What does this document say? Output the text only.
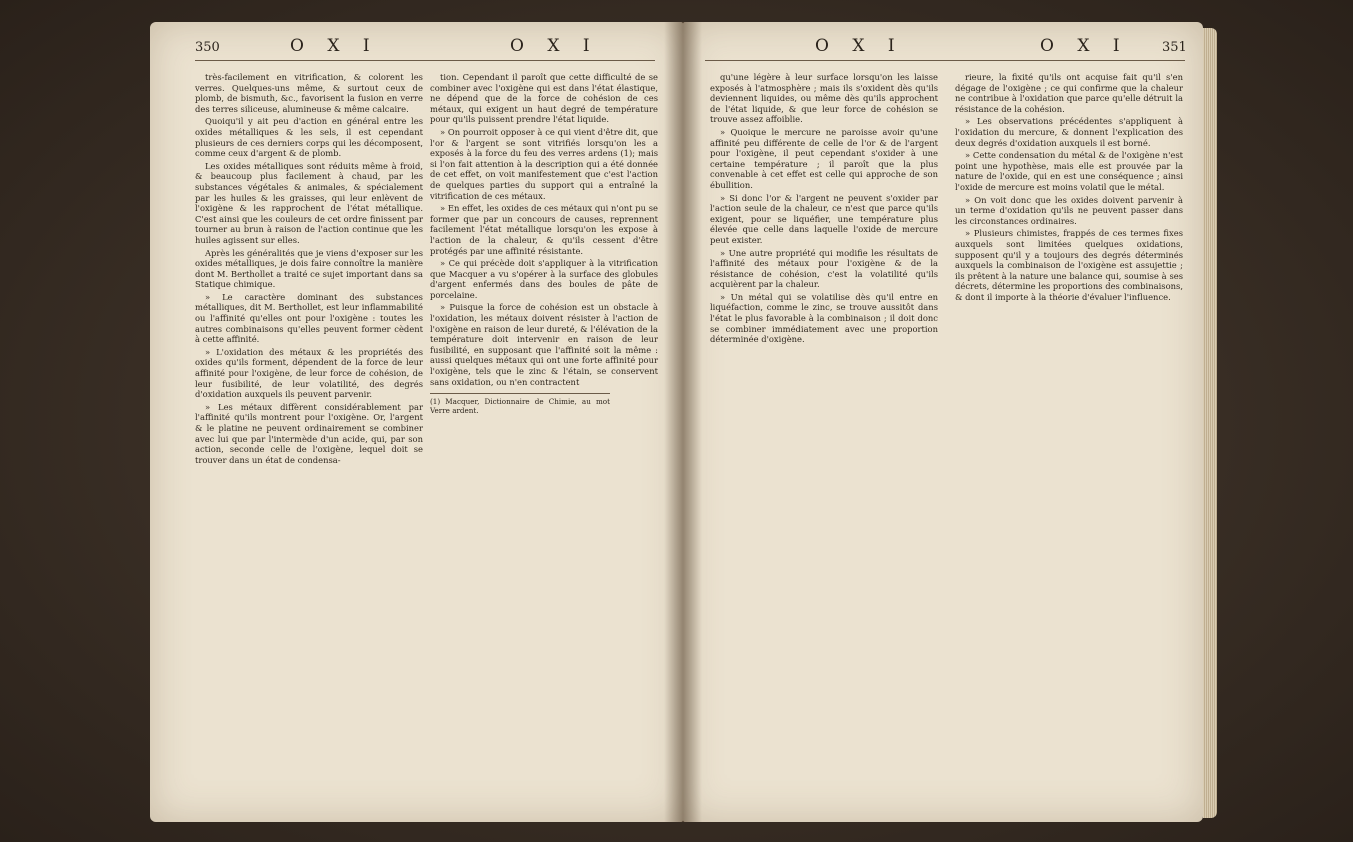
350	O X I	O X I	O X I	O X I	351

très-facilement en vitrification, & colorent les verres. Quelques-uns même, & surtout ceux de plomb, de bismuth, &c., favorisent la fusion en verre des terres siliceuse, alumineuse & même calcaire.

Quoiqu'il y ait peu d'action en général entre les oxides métalliques & les sels, il est cependant plusieurs de ces derniers corps qui les décomposent, comme ceux d'argent & de plomb.

Les oxides métalliques sont réduits même à froid, & beaucoup plus facilement à chaud, par les substances végétales & animales, & spécialement par les huiles & les graisses, qui leur enlèvent de l'oxigène & les rapprochent de l'état métallique. C'est ainsi que les couleurs de cet ordre finissent par tourner au brun à raison de l'action continue que les huiles agissent sur elles.

Après les généralités que je viens d'exposer sur les oxides métalliques, je dois faire connoître la manière dont M. Berthollet a traité ce sujet important dans sa Statique chimique.

» Le caractère dominant des substances métalliques, dit M. Berthollet, est leur inflammabilité ou l'affinité qu'elles ont pour l'oxigène : toutes les autres combinaisons qu'elles peuvent former cèdent à cette affinité.

» L'oxidation des métaux & les propriétés des oxides qu'ils forment, dépendent de la force de leur affinité pour l'oxigène, de leur force de cohésion, de leur fusibilité, de leur volatilité, des degrés d'oxidation auxquels ils peuvent parvenir.

» Les métaux diffèrent considérablement par l'affinité qu'ils montrent pour l'oxigène. Or, l'argent & le platine ne peuvent ordinairement se combiner avec lui que par l'intermède d'un acide, qui, par son action, seconde celle de l'oxigène, lequel doit se trouver dans un état de condensa-

tion. Cependant il paroît que cette difficulté de se combiner avec l'oxigène qui est dans l'état élastique, ne dépend que de la force de cohésion de ces métaux, qui exigent un haut degré de température pour qu'ils puissent prendre l'état liquide.

» On pourroit opposer à ce qui vient d'être dit, que l'or & l'argent se sont vitrifiés lorsqu'on les a exposés à la force du feu des verres ardens (1); mais si l'on fait attention à la description qui a été donnée de cet effet, on voit manifestement que c'est l'action de quelques parties du support qui a entraîné la vitrification de ces métaux.

» En effet, les oxides de ces métaux qui n'ont pu se former que par un concours de causes, reprennent facilement l'état métallique lorsqu'on les expose à l'action de la chaleur, & qu'ils cessent d'être protégés par une affinité résistante.

» Ce qui précède doit s'appliquer à la vitrification que Macquer a vu s'opérer à la surface des globules d'argent enfermés dans des boules de pâte de porcelaine.

» Puisque la force de cohésion est un obstacle à l'oxidation, les métaux doivent résister à l'action de l'oxigène en raison de leur dureté, & l'élévation de la température doit intervenir en raison de leur fusibilité, en supposant que l'affinité soit la même : aussi quelques métaux qui ont une forte affinité pour l'oxigène, tels que le zinc & l'étain, se conservent sans oxidation, ou n'en contractent

(1) Macquer, Dictionnaire de Chimie, au mot Verre ardent.

qu'une légère à leur surface lorsqu'on les laisse exposés à l'atmosphère ; mais ils s'oxident dès qu'ils deviennent liquides, ou même dès qu'ils approchent de l'état liquide, & que leur force de cohésion se trouve assez affoiblie.

» Quoique le mercure ne paroisse avoir qu'une affinité peu différente de celle de l'or & de l'argent pour l'oxigène, il peut cependant s'oxider à une certaine température ; il paroît que la plus convenable à cet effet est celle qui approche de son ébullition.

» Si donc l'or & l'argent ne peuvent s'oxider par l'action seule de la chaleur, ce n'est que parce qu'ils exigent, pour se liquéfier, une température plus élevée que celle dans laquelle l'oxide de mercure peut exister.

» Une autre propriété qui modifie les résultats de l'affinité des métaux pour l'oxigène & de la résistance de cohésion, c'est la volatilité qu'ils acquièrent par la chaleur.

» Un métal qui se volatilise dès qu'il entre en liquéfaction, comme le zinc, se trouve aussitôt dans l'état le plus favorable à la combinaison ; il doit donc se combiner immédiatement avec une proportion déterminée d'oxigène.

rieure, la fixité qu'ils ont acquise fait qu'il s'en dégage de l'oxigène ; ce qui confirme que la chaleur ne contribue à l'oxidation que parce qu'elle détruit la résistance de la cohésion.

» Les observations précédentes s'appliquent à l'oxidation du mercure, & donnent l'explication des deux degrés d'oxidation auxquels il est borné.

» Cette condensation du métal & de l'oxigène n'est point une hypothèse, mais elle est prouvée par la nature de l'oxide, qui en est une conséquence ; ainsi l'oxide de mercure est moins volatil que le métal.

» On voit donc que les oxides doivent parvenir à un terme d'oxidation qu'ils ne peuvent passer dans les circonstances ordinaires.

» Plusieurs chimistes, frappés de ces termes fixes auxquels sont limitées quelques oxidations, supposent qu'il y a toujours des degrés déterminés auxquels la combinaison de l'oxigène est assujettie ; ils prêtent à la nature une balance qui, soumise à ses décrets, détermine les proportions des combinaisons, & dont il importe à la théorie d'évaluer l'influence.
